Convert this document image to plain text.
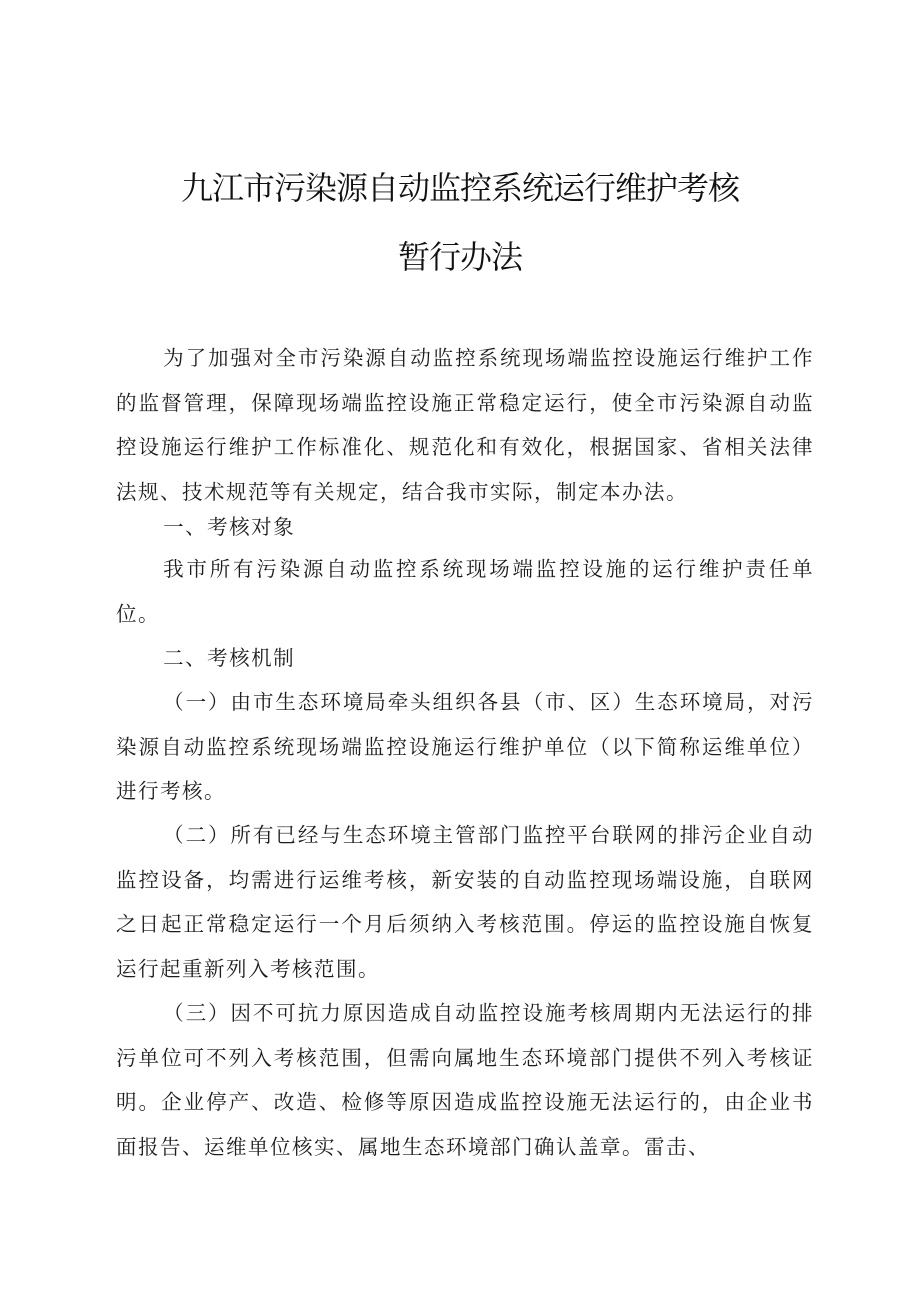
九江市污染源自动监控系统运行维护考核
暂行办法

为了加强对全市污染源自动监控系统现场端监控设施运行维护工作的监督管理，保障现场端监控设施正常稳定运行，使全市污染源自动监控设施运行维护工作标准化、规范化和有效化，根据国家、省相关法律法规、技术规范等有关规定，结合我市实际，制定本办法。

一、考核对象

我市所有污染源自动监控系统现场端监控设施的运行维护责任单位。

二、考核机制

（一）由市生态环境局牵头组织各县（市、区）生态环境局，对污染源自动监控系统现场端监控设施运行维护单位（以下简称运维单位）进行考核。

（二）所有已经与生态环境主管部门监控平台联网的排污企业自动监控设备，均需进行运维考核，新安装的自动监控现场端设施，自联网之日起正常稳定运行一个月后须纳入考核范围。停运的监控设施自恢复运行起重新列入考核范围。

（三）因不可抗力原因造成自动监控设施考核周期内无法运行的排污单位可不列入考核范围，但需向属地生态环境部门提供不列入考核证明。企业停产、改造、检修等原因造成监控设施无法运行的，由企业书面报告、运维单位核实、属地生态环境部门确认盖章。雷击、
